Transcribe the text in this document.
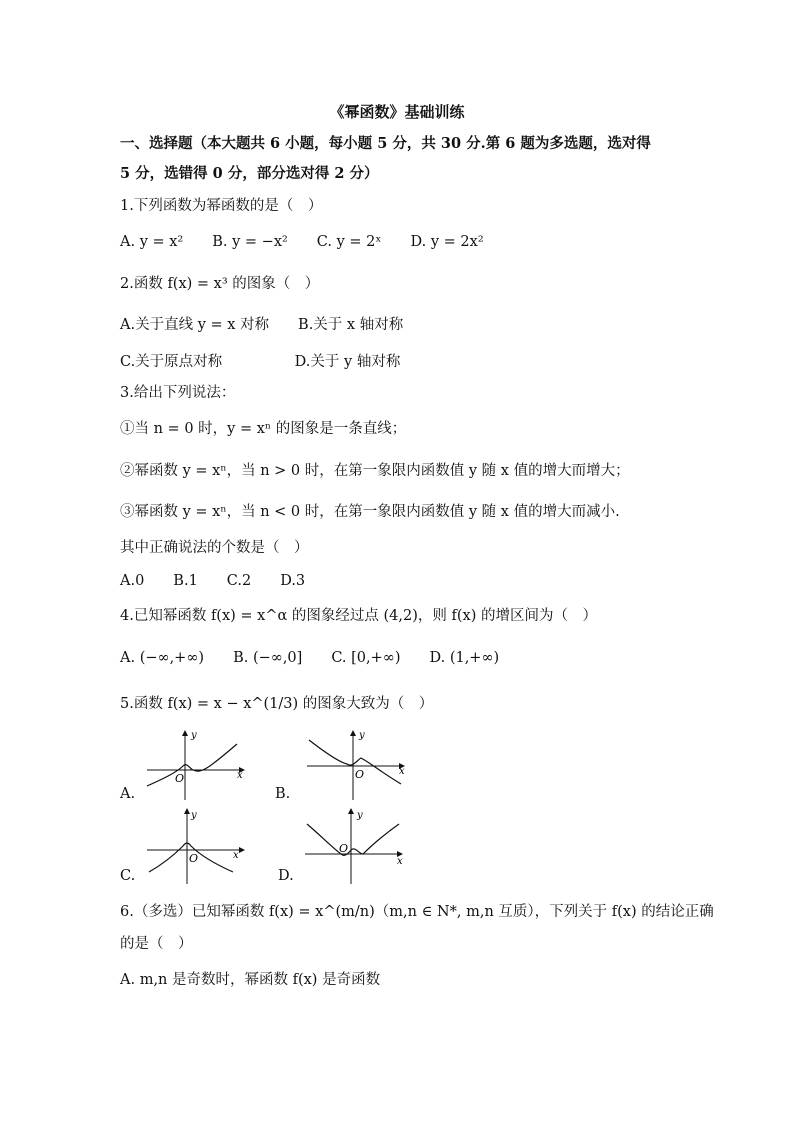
《幂函数》基础训练
一、选择题（本大题共 6 小题，每小题 5 分，共 30 分.第 6 题为多选题，选对得
5 分，选错得 0 分，部分选对得 2 分）
1.下列函数为幂函数的是（　）
A. y = x²　　B. y = −x²　　C. y = 2ˣ　　D. y = 2x²
2.函数 f(x) = x³ 的图象（　）
A.关于直线 y = x 对称　　B.关于 x 轴对称
C.关于原点对称　　　　　D.关于 y 轴对称
3.给出下列说法：
①当 n = 0 时，y = xⁿ 的图象是一条直线；
②幂函数 y = xⁿ，当 n > 0 时，在第一象限内函数值 y 随 x 值的增大而增大；
③幂函数 y = xⁿ，当 n < 0 时，在第一象限内函数值 y 随 x 值的增大而减小.
其中正确说法的个数是（　）
A.0　　B.1　　C.2　　D.3
4.已知幂函数 f(x) = x^α 的图象经过点 (4,2)，则 f(x) 的增区间为（　）
A. (−∞,+∞)　　B. (−∞,0]　　C. [0,+∞)　　D. (1,+∞)
5.函数 f(x) = x − x^(1/3) 的图象大致为（　）
x
y
O
A.
x
y
O
B.
x
y
O
C.
x
y
O
D.
6.（多选）已知幂函数 f(x) = x^(m/n)（m,n ∈ N*, m,n 互质），下列关于 f(x) 的结论正确
的是（　）
A. m,n 是奇数时，幂函数 f(x) 是奇函数
